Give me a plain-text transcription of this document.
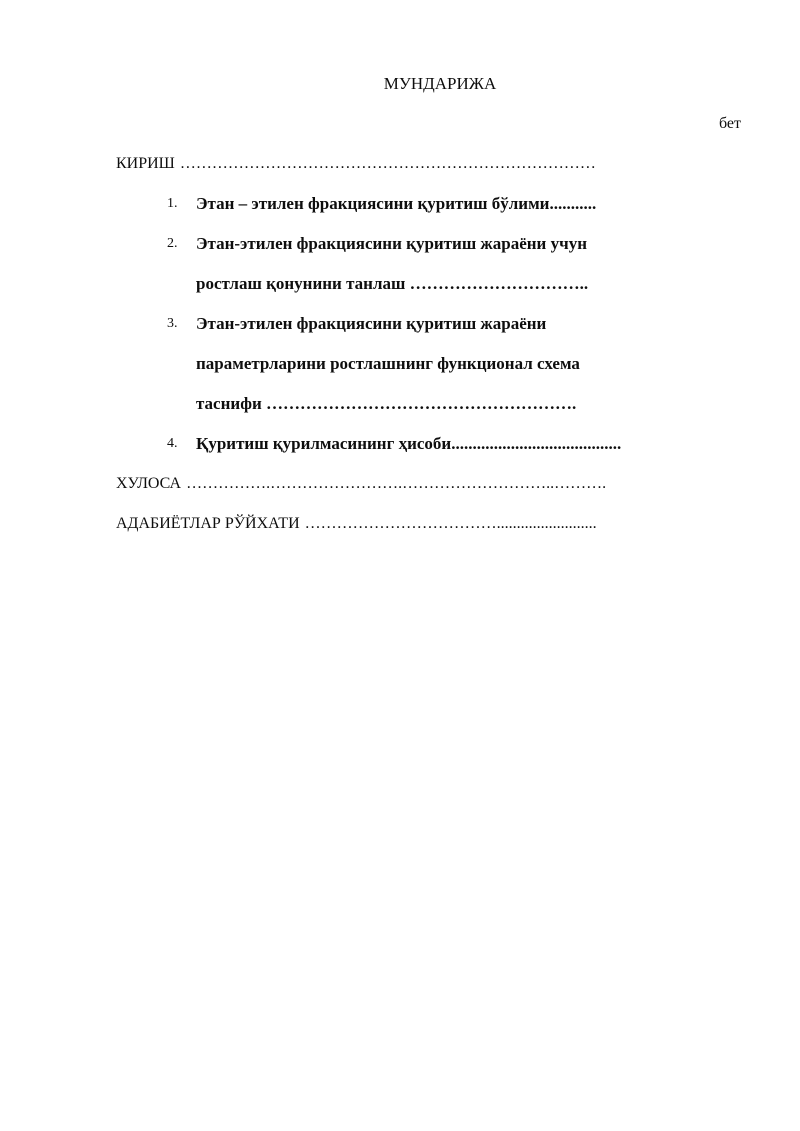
МУНДАРИЖА
бет
КИРИШ ……………………………………………………………………
1. Этан – этилен фракциясини қуритиш бўлими...........
2. Этан-этилен фракциясини қуритиш жараёни учун
ростлаш қонунини танлаш …………………………..
3. Этан-этилен фракциясини қуритиш жараёни
параметрларини ростлашнинг функционал схема
таснифи ……………………………………………….
4. Қуритиш қурилмасининг ҳисоби........................................
ХУЛОСА …………….…………………….………………………..……….
АДАБИЁТЛАР РЎЙХАТИ ……………………………….........................
